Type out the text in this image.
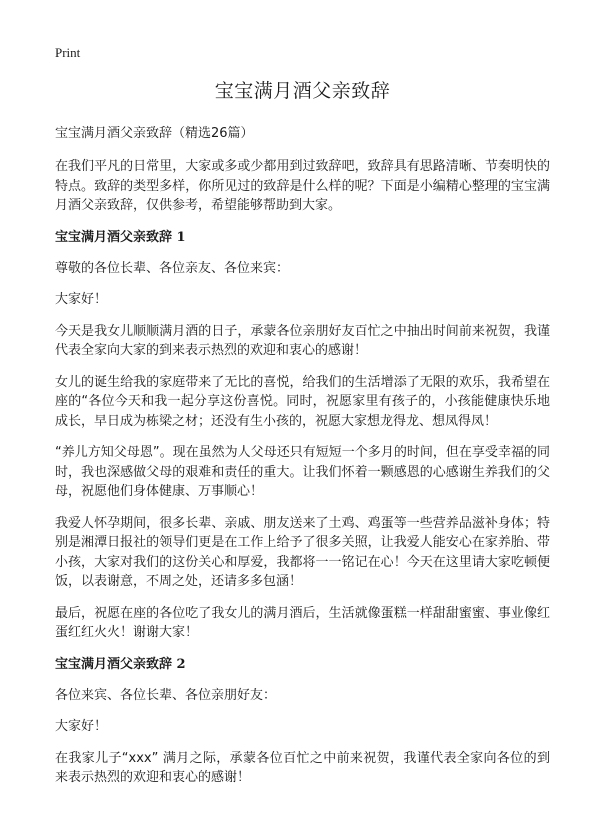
Print
宝宝满月酒父亲致辞
宝宝满月酒父亲致辞（精选26篇）

在我们平凡的日常里，大家或多或少都用到过致辞吧，致辞具有思路清晰、节奏明快的特点。致辞的类型多样，你所见过的致辞是什么样的呢？下面是小编精心整理的宝宝满月酒父亲致辞，仅供参考，希望能够帮助到大家。

宝宝满月酒父亲致辞 1

尊敬的各位长辈、各位亲友、各位来宾：

大家好！

今天是我女儿顺顺满月酒的日子，承蒙各位亲朋好友百忙之中抽出时间前来祝贺，我谨代表全家向大家的到来表示热烈的欢迎和衷心的感谢！

女儿的诞生给我的家庭带来了无比的喜悦，给我们的生活增添了无限的欢乐，我希望在座的“各位今天和我一起分享这份喜悦。同时，祝愿家里有孩子的，小孩能健康快乐地成长，早日成为栋梁之材；还没有生小孩的，祝愿大家想龙得龙、想凤得凤！

“养儿方知父母恩”。现在虽然为人父母还只有短短一个多月的时间，但在享受幸福的同时，我也深感做父母的艰难和责任的重大。让我们怀着一颗感恩的心感谢生养我们的父母，祝愿他们身体健康、万事顺心！

我爱人怀孕期间，很多长辈、亲戚、朋友送来了土鸡、鸡蛋等一些营养品滋补身体；特别是湘潭日报社的领导们更是在工作上给予了很多关照，让我爱人能安心在家养胎、带小孩，大家对我们的这份关心和厚爱，我都将一一铭记在心！今天在这里请大家吃顿便饭，以表谢意，不周之处，还请多多包涵！

最后，祝愿在座的各位吃了我女儿的满月酒后，生活就像蛋糕一样甜甜蜜蜜、事业像红蛋红红火火！谢谢大家！

宝宝满月酒父亲致辞 2

各位来宾、各位长辈、各位亲朋好友：

大家好！

在我家儿子“xxx” 满月之际，承蒙各位百忙之中前来祝贺，我谨代表全家向各位的到来表示热烈的欢迎和衷心的感谢！
